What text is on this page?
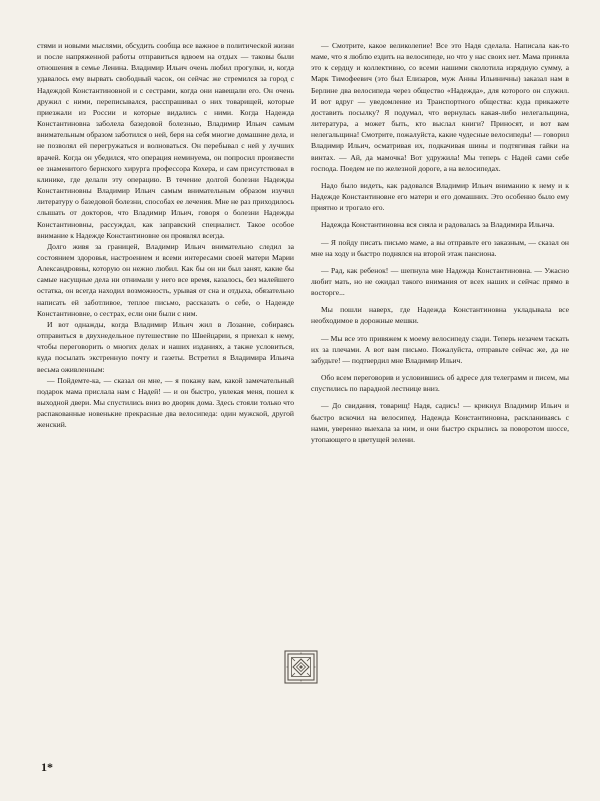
стями и новыми мыслями, обсудить сообща все важное в политической жизни и после напряженной работы отправиться вдвоем на отдых — таковы были отношения в семье Ленина. Владимир Ильич очень любил прогулки, и, когда удавалось ему вырвать свободный часок, он сейчас же стремился за город с Надеждой Константиновной и с сестрами, когда они навещали его. Он очень дружил с ними, переписывался, расспрашивал о них товарищей, которые приезжали из России и которые видались с ними. Когда Надежда Константиновна заболела базедовой болезнью, Владимир Ильич самым внимательным образом заботился о ней, беря на себя многие домашние дела, и не позволял ей перегружаться и волноваться. Он перебывал с ней у лучших врачей. Когда он убедился, что операция неминуема, он попросил произвести ее знаменитого бернского хирурга профессора Кохера, и сам присутствовал в клинике, где делали эту операцию. В течение долгой болезни Надежды Константиновны Владимир Ильич самым внимательным образом изучил литературу о базедовой болезни, способах ее лечения. Мне не раз приходилось слышать от докторов, что Владимир Ильич, говоря о болезни Надежды Константиновны, рассуждал, как заправский специалист. Такое особое внимание к Надежде Константиновне он проявлял всегда.

Долго живя за границей, Владимир Ильич внимательно следил за состоянием здоровья, настроением и всеми интересами своей матери Марии Александровны, которую он нежно любил. Как бы он ни был занят, какие бы самые насущные дела ни отнимали у него все время, казалось, без малейшего остатка, он всегда находил возможность, урывая от сна и отдыха, обязательно написать ей заботливое, теплое письмо, рассказать о себе, о Надежде Константиновне, о сестрах, если они были с ним.

И вот однажды, когда Владимир Ильич жил в Лозанне, собираясь отправиться в двухнедельное путешествие по Швейцарии, я приехал к нему, чтобы переговорить о многих делах и наших изданиях, а также условиться, куда посылать экстренную почту и газеты. Встретил я Владимира Ильича весьма оживленным:

— Пойдемте-ка, — сказал он мне, — я покажу вам, какой замечательный подарок мама прислала нам с Надей! — и он быстро, увлекая меня, пошел к выходной двери. Мы спустились вниз во дворик дома. Здесь стояли только что распакованные новенькие прекрасные два велосипеда: один мужской, другой женский.

— Смотрите, какое великолепие! Все это Надя сделала. Написала как-то маме, что я люблю ездить на велосипеде, но что у нас своих нет. Мама приняла это к сердцу и коллективно, со всеми нашими сколотила изрядную сумму, а Марк Тимофеевич (это был Елизаров, муж Анны Ильиничны) заказал нам в Берлине два велосипеда через общество «Надежда», для которого он служил. И вот вдруг — уведомление из Транспортного общества: куда прикажете доставить посылку? Я подумал, что вернулась какая-либо нелегальщина, литература, а может быть, кто выслал книги? Приносят, и вот вам нелегальщина! Смотрите, пожалуйста, какие чудесные велосипеды! — говорил Владимир Ильич, осматривая их, подкачивая шины и подтягивая гайки на винтах. — Ай, да мамочка! Вот удружила! Мы теперь с Надей сами себе господа. Поедем не по железной дороге, а на велосипедах.

Надо было видеть, как радовался Владимир Ильич вниманию к нему и к Надежде Константиновне его матери и его домашних. Это особенно было ему приятно и трогало его.

Надежда Константиновна вся сияла и радовалась за Владимира Ильича.

— Я пойду писать письмо маме, а вы отправьте его заказным, — сказал он мне на ходу и быстро поднялся на второй этаж пансиона.

— Рад, как ребенок! — шепнула мне Надежда Константиновна. — Ужасно любит мать, но не ожидал такого внимания от всех наших и сейчас прямо в восторге...

Мы пошли наверх, где Надежда Константиновна укладывала все необходимое в дорожные мешки.

— Мы все это привяжем к моему велосипеду сзади. Теперь незачем таскать их за плечами. А вот вам письмо. Пожалуйста, отправьте сейчас же, да не забудьте! — подтвердил мне Владимир Ильич.

Обо всем переговорив и условившись об адресе для телеграмм и писем, мы спустились по парадной лестнице вниз.

— До свидания, товарищ! Надя, садись! — крикнул Владимир Ильич и быстро вскочил на велосипед. Надежда Константиновна, раскланиваясь с нами, уверенно выехала за ним, и они быстро скрылись за поворотом шоссе, утопающего в цветущей зелени.

1*
